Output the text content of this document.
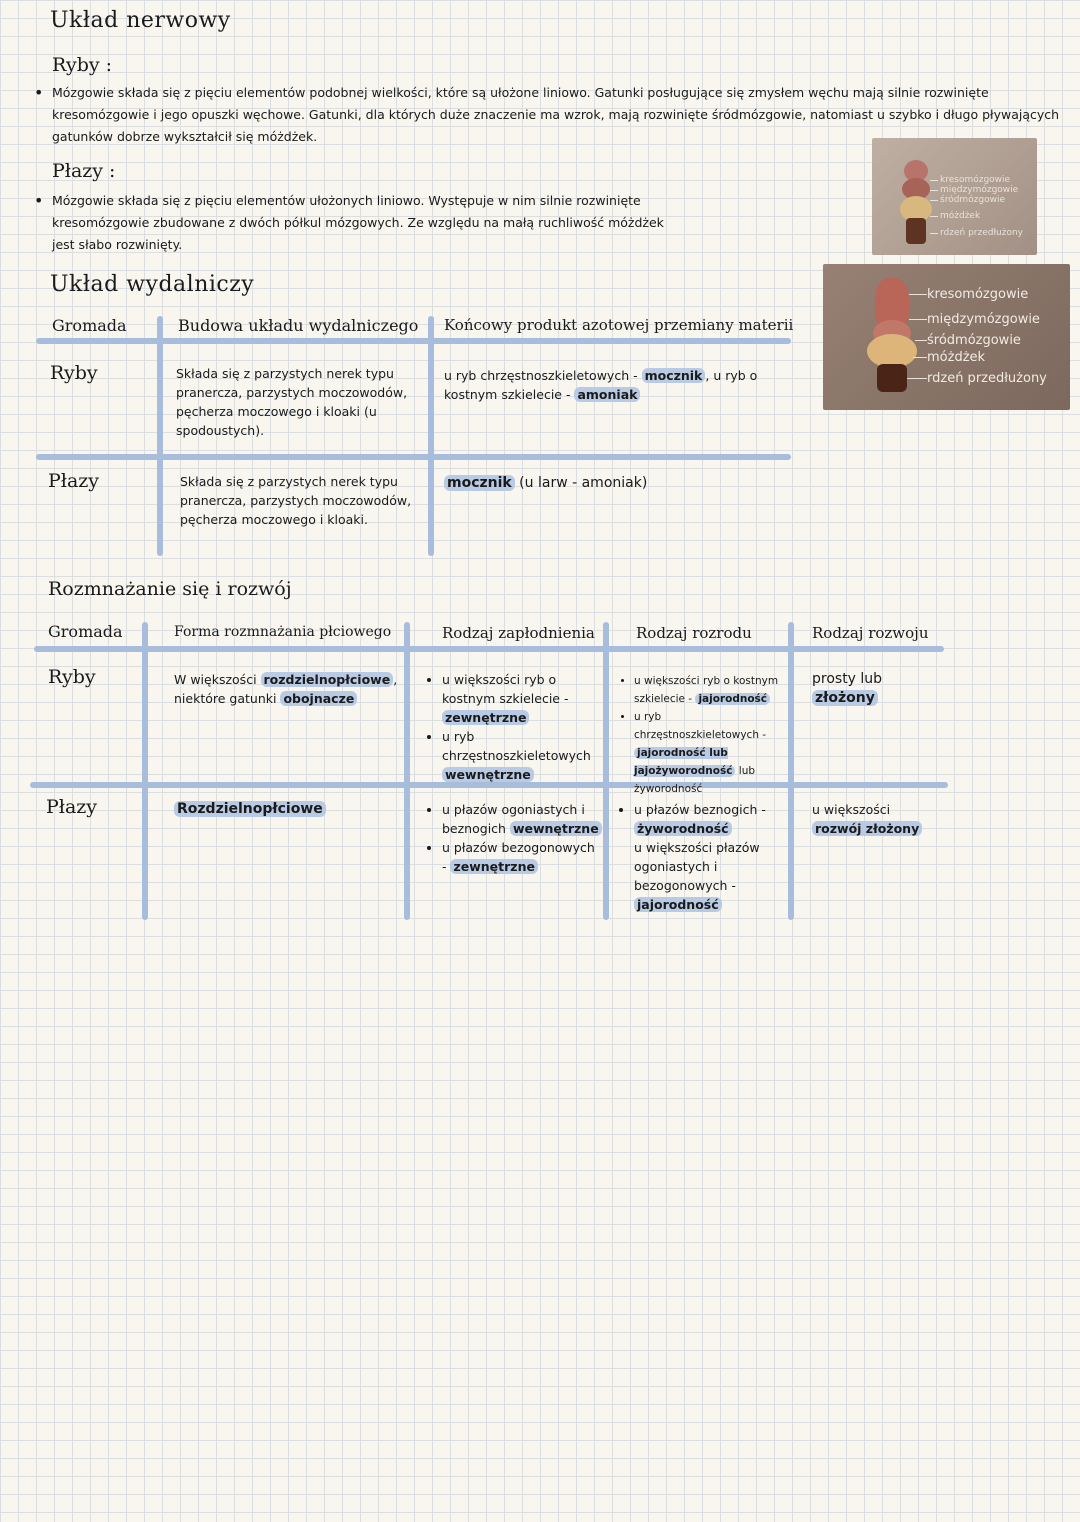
Układ nerwowy
Ryby :
• Mózgowie składa się z pięciu elementów podobnej wielkości, które są ułożone liniowo. Gatunki posługujące się zmysłem węchu mają silnie rozwinięte kresomózgowie i jego opuszki węchowe. Gatunki, dla których duże znaczenie ma wzrok, mają rozwinięte śródmózgowie, natomiast u szybko i długo pływających gatunków dobrze wykształcił się móżdżek.
Płazy :
• Mózgowie składa się z pięciu elementów ułożonych liniowo. Występuje w nim silnie rozwinięte kresomózgowie zbudowane z dwóch półkul mózgowych. Ze względu na małą ruchliwość móżdżek jest słabo rozwinięty.
kresomózgowie
międzymózgowie
śródmózgowie
móżdżek
rdzeń przedłużony
kresomózgowie
międzymózgowie
śródmózgowie
móżdżek
rdzeń przedłużony
Układ wydalniczy
Gromada	Budowa układu wydalniczego Końcowy produkt azotowej przemiany materii
Ryby	Składa się z parzystych nerek typu pranercza, parzystych moczowodów, pęcherza moczowego i kloaki (u spodoustych).
u ryb chrzęstnoszkieletowych - mocznik , u ryb o kostnym szkielecie - amoniak
Płazy	Składa się z parzystych nerek typu pranercza, parzystych moczowodów, pęcherza moczowego i kloaki.
mocznik (u larw - amoniak)
Rozmnażanie się i rozwój
Gromada	Forma rozmnażania płciowego	Rodzaj zapłodnienia	Rodzaj rozrodu	Rodzaj rozwoju
Ryby	W większości rozdzielnopłciowe , niektóre gatunki obojnacze
• u większości ryb o kostnym szkielecie - zewnętrzne
• u ryb chrzęstnoszkieletowych wewnętrzne
• u większości ryb o kostnym szkielecie - jajorodność
• u ryb chrzęstnoszkieletowych - jajorodność lub jajożyworodność lub żyworodność
prosty lub złożony
Płazy	Rozdzielnopłciowe
•	u płazów ogoniastych i beznogich wewnętrzne
• u płazów bezogonowych - zewnętrzne
• u płazów beznogich - żyworodność
u większości płazów ogoniastych i bezogonowych - jajorodność
u większości rozwój złożony
